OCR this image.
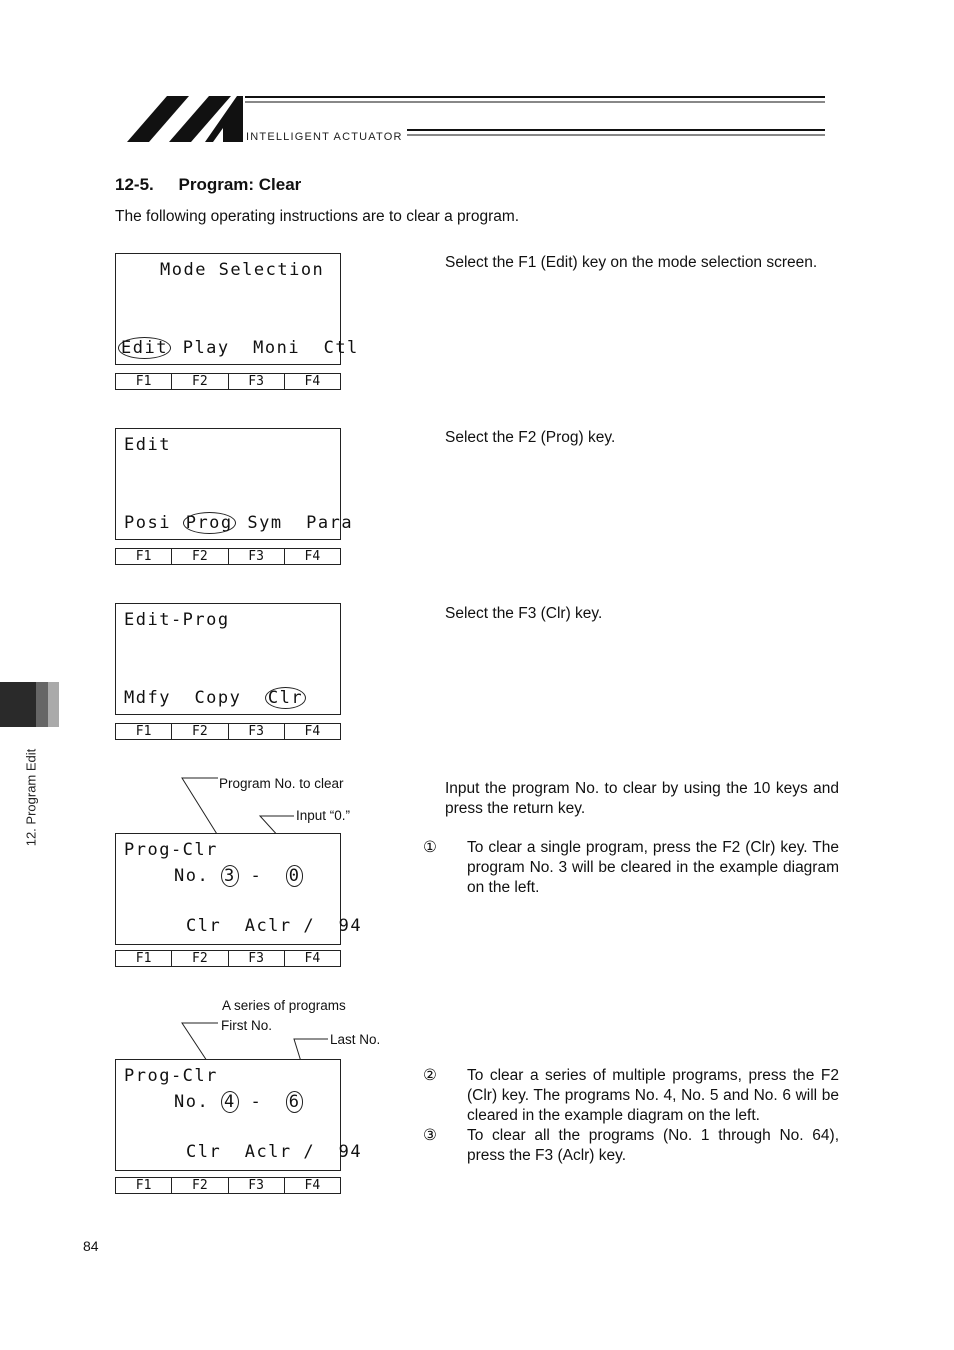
INTELLIGENT ACTUATOR
12-5. Program: Clear
The following operating instructions are to clear a program.
12. Program Edit
Mode Selection
Edit Play Moni Ctl
F1	F2	F3	F4
Select the F1 (Edit) key on the mode selection screen.
Edit
Posi Prog Sym Para
F1	F2	F3	F4
Select the F2 (Prog) key.
Edit-Prog
Mdfy Copy Clr
F1	F2	F3	F4
Select the F3 (Clr) key.
Program No. to clear
Input “0.”
Prog-Clr
No. 3 - 0
Clr Aclr / 94
F1	F2	F3	F4
Input the program No. to clear by using the 10 keys and press the return key.
① To clear a single program, press the F2 (Clr) key. The program No. 3 will be cleared in the example diagram on the left.
A series of programs
First No.
Last No.
Prog-Clr
No. 4 - 6
Clr Aclr / 94
F1	F2	F3	F4
② To clear a series of multiple programs, press the F2 (Clr) key. The programs No. 4, No. 5 and No. 6 will be cleared in the example diagram on the left.
③ To clear all the programs (No. 1 through No. 64), press the F3 (Aclr) key.
84
